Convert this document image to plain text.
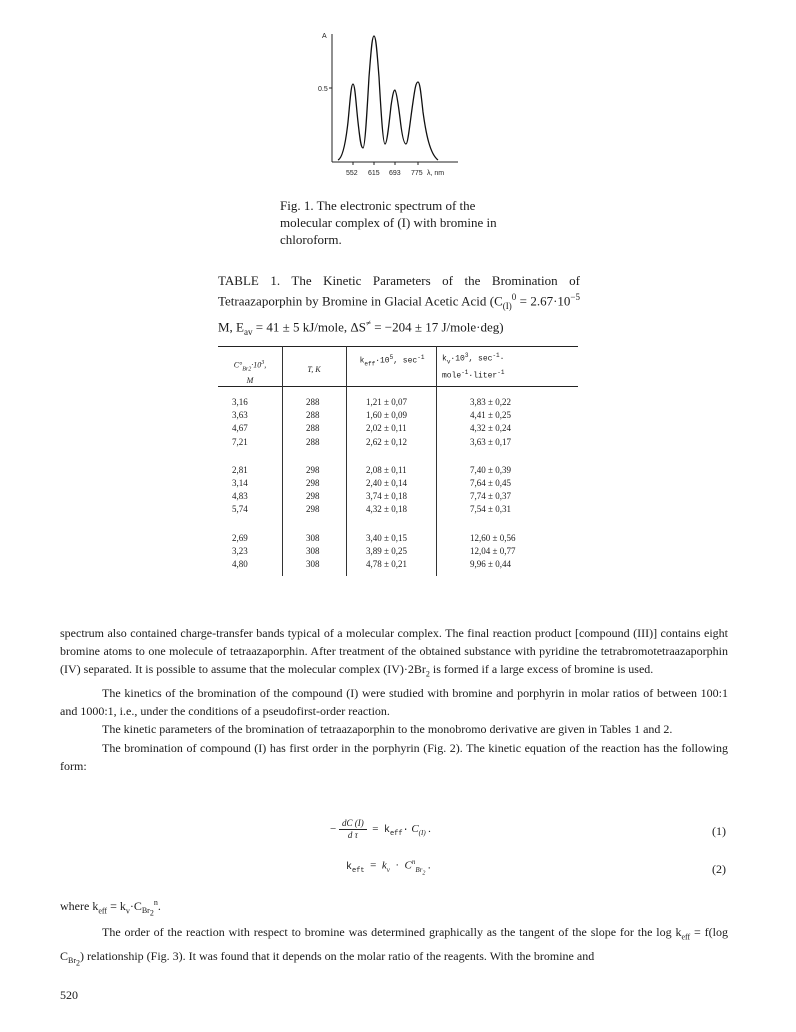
A
0.5
552 615 693 775 λ, nm
Fig. 1. The electronic spectrum of the molecular complex of (I) with bromine in chloroform.
TABLE 1. The Kinetic Parameters of the Bromination of Tetraazaporphin by Bromine in Glacial Acetic Acid ($C_{(I)}^0 = 2.67\cdot 10^{-5}$ M, $E_{av} = 41 \pm 5$ kJ/mole, ΔS≠ = −204 ± 17 J/mole·deg)
$C^\circ_{Br2}\cdot 10^3$,
M
T, K
$k_{eff}\cdot 10^5$, $\sec^{-1}$	$k_v\cdot 10^3$, $\sec^{-1}\cdot$
mole$^{-1}$·liter$^{-1}$
3,16	288	1,21 ± 0,07	3,83 ± 0,22
3,63	288	1,60 ± 0,09	4,41 ± 0,25
4,67	288	2,02 ± 0,11	4,32 ± 0,24
7,21	288	2,62 ± 0,12	3,63 ± 0,17
2,81	298	2,08 ± 0,11	7,40 ± 0,39
3,14	298	2,40 ± 0,14	7,64 ± 0,45
4,83	298	3,74 ± 0,18	7,74 ± 0,37
5,74	298	4,32 ± 0,18	7,54 ± 0,31
2,69	308	3,40 ± 0,15	12,60 ± 0,56
3,23	308	3,89 ± 0,25	12,04 ± 0,77
4,80	308	4,78 ± 0,21	9,96 ± 0,44

spectrum also contained charge-transfer bands typical of a molecular complex. The final reaction product [compound (III)] contains eight bromine atoms to one molecule of tetraazaporphin. After treatment of the obtained substance with pyridine the tetrabromotetraazaporphin (IV) separated. It is possible to assume that the molecular complex $(IV)\cdot 2Br_2$ is formed if a large excess of bromine is used.

The kinetics of the bromination of the compound (I) were studied with bromine and porphyrin in molar ratios of between 100:1 and 1000:1, i.e., under the conditions of a pseudofirst-order reaction.

The kinetic parameters of the bromination of tetraazaporphin to the monobromo derivative are given in Tables 1 and 2.

The bromination of compound (I) has first order in the porphyrin (Fig. 2). The kinetic equation of the reaction has the following form:

− $\frac{dC (I)}{\text{d τ}} = k_{eff}\cdot C_{(I)}$ .	(1)
$k_{eft} = k_v \cdot C^n_{Br_2}$ .	(2)

where $k_{eff} = k_v\cdot C_{Br_2}^n$.

The order of the reaction with respect to bromine was determined graphically as the tangent of the slope for the $\log k_{eff} = f(\log$ $C_{Br_2}$) relationship (Fig. 3). It was found that it depends on the molar ratio of the reagents. With the bromine and

520
